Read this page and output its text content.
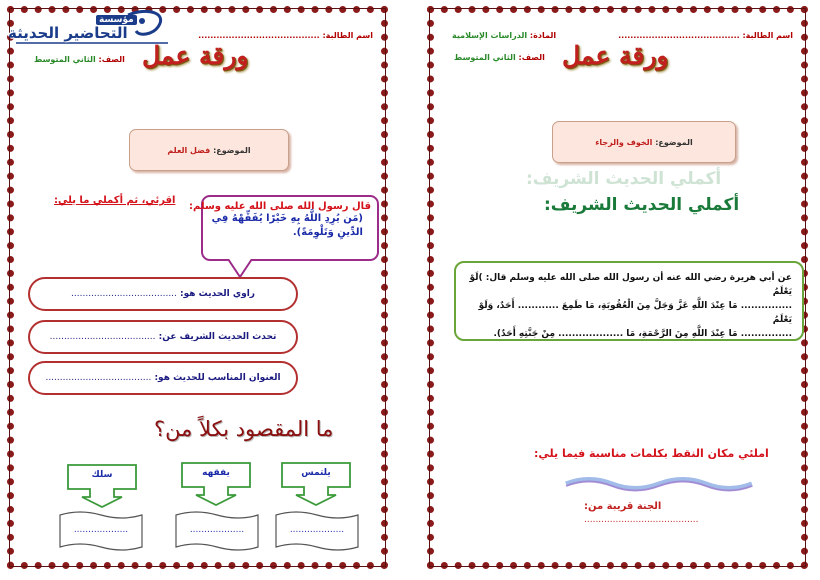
مؤسسة
التحاضير الحديثة	اسم الطالبة: ........................................
الصف: الثاني المتوسط	ورقة عمل
الموضوع:

فضل العلم
اقرئي، ثم أكملي ما يلي:
قال رسول الله صلى الله عليه وسلم:
(مَن يُرِدِ اللَّهُ بِهِ خَيْرًا يُفَقِّهْهُ فِي الدِّينِ وَتَلْوِمَةً).
راوي الحديث هو:

.....................................
تحدث الحديث الشريف عن:

.....................................
العنوان المناسب للحديث هو:

.....................................
ما المقصود بكلاً من؟
يلتمس
يفقهه
سلك
...................
...................
...................
اسم الطالبة: ........................................
المادة: الدراسات الإسلامية
الصف: الثاني المتوسط	ورقة عمل
الموضوع:

الخوف والرجاء
أكملي الحديث الشريف:
أكملي الحديث الشريف:
عن أبي هريرة رضي الله عنه أن رسول الله صلى الله عليه وسلم قال: )لَوْ يَعْلَمُ
............... مَا عِنْدَ اللَّهِ عَزَّ وَجَلَّ مِنَ الْعُقُوبَةِ، مَا طَمِعَ ............ أَحَدٌ، وَلَوْ يَعْلَمُ
............... مَا عِنْدَ اللَّهِ مِنَ الرَّحْمَةِ، مَا ................... مِنْ جَنَّتِهِ أَحَدٌ).
املئي مكان النقط بكلمات مناسبة فيما يلي:
الجنة قريبة من:
........................................
